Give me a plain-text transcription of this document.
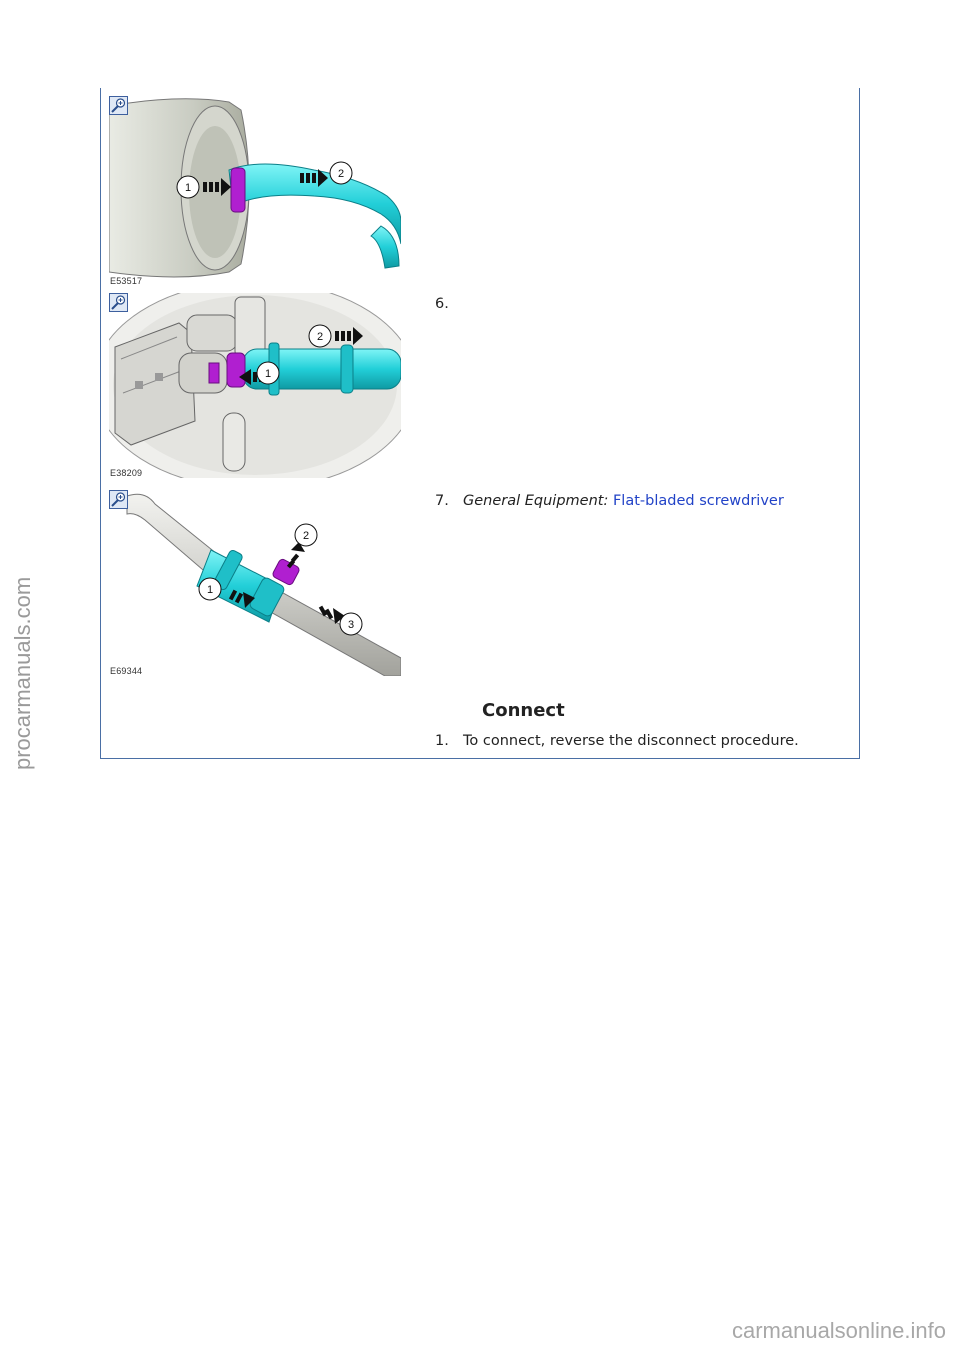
1
2
E53517
6.
1
2
E38209
7. General Equipment: Flat-bladed screwdriver
1
2
3
E69344
Connect
1. To connect, reverse the disconnect procedure.
procarmanuals.com
carmanualsonline.info
